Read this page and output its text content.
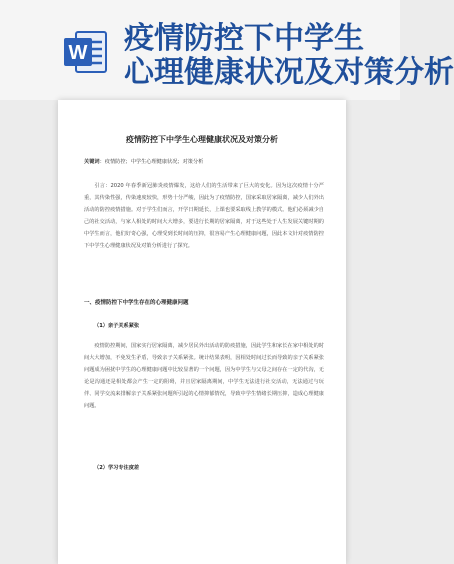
W 疫情防控下中学生
心理健康状况及对策分析
疫情防控下中学生心理健康状况及对策分析
关键词：疫情防控；中学生心理健康状况；对策分析
引言：2020 年春季新冠肺炎疫情爆发，这给人们的生活带来了巨大的变化。因为这次疫情十分严重，其传染性强，传染速度较快，形势十分严峻，因此为了疫情防控，国家采取居家隔离，减少人们外出活动的防控疫情措施。对于学生们而言，开学日期延长，上课也要采取线上教学的模式。他们必须减少自己的社交活动，与家人相处的时间大大增多，要进行长期的居家隔离，对于这些处于人生发展关键时期的中学生而言，他们好奇心强，心理受到长时间的压抑，很容易产生心理健康问题，因此本文针对疫情防控下中学生心理健康状况及对策分析进行了探究。
一、疫情防控下中学生存在的心理健康问题
（1）亲子关系紧张
疫情防控期间，国家实行居家隔离，减少居民外出活动的防疫措施，因此学生和家长在家中相处的时间大大增加，不免发生矛盾，导致亲子关系紧张。统计结果表明，因相处时间过长而导致的亲子关系紧张问题成为困扰中学生的心理健康问题中比较显著的一个问题，因为中学生与父母之间存在一定的代沟，无论是沟通还是相处都会产生一定的阻碍，并且居家隔离期间，中学生无法进行社交活动，无法通过与玩伴、同学交流来排解亲子关系紧张问题所引起的心情抑郁情况，导致中学生情绪长期压抑，造成心理健康问题。
（2）学习专注度差
